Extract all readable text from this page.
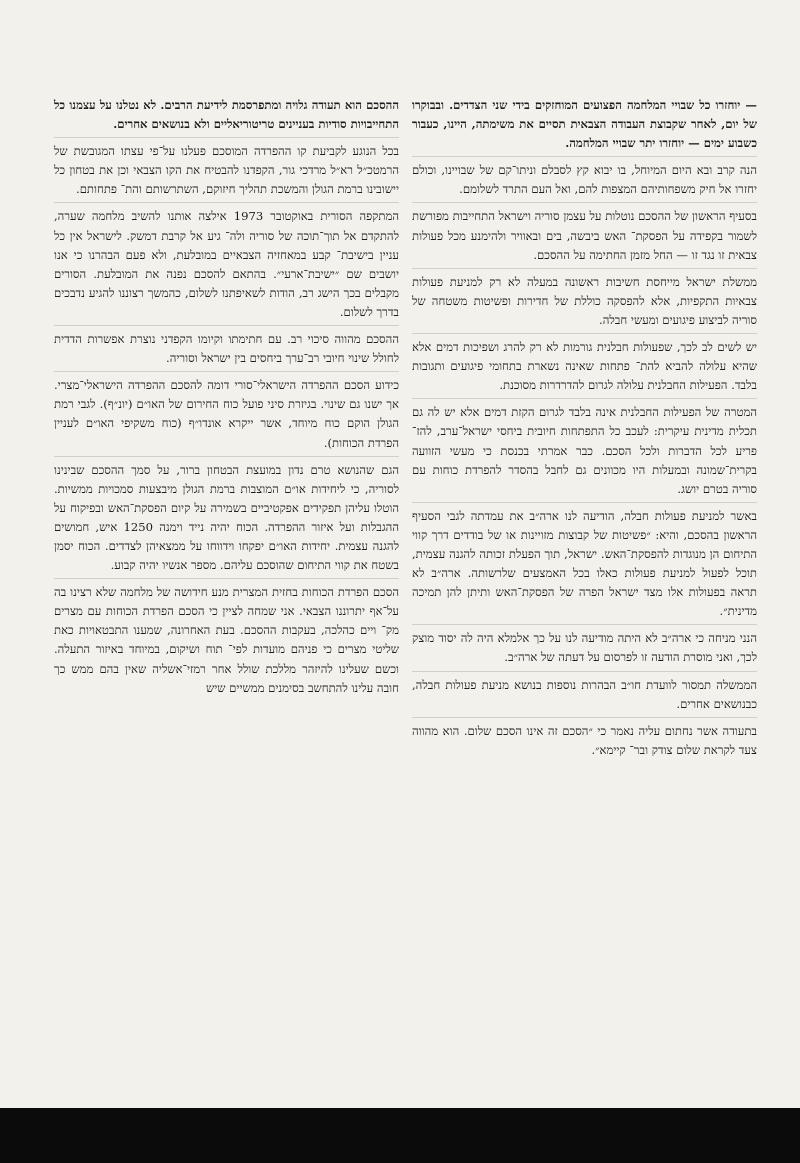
— יוחזרו כל שבויי המלחמה הפצועים המוחזקים בידי שני הצדדים. ובבוקרו של יום, לאחר שקבוצת העבודה הצבאית תסיים את משימתה, היינו, כעבור כשבוע ימים — יוחזרו יתר שבויי המלחמה.

הנה קרב ובא היום המיוחל, בו יבוא קץ לסבלם וניתו־קם של שבויינו, וכולם יחזרו אל חיק משפחותיהם המצפות להם, ואל העם התרד לשלומם.

בסעיף הראשון של ההסכם נוטלות על עצמן סוריה וישראל התחייבות מפורשת לשמור בקפידה על הפסקת־ האש ביבשה, בים ובאוויר ולהימנע מכל פעולות צבאית זו נגד זו — החל מזמן החתימה על ההסכם.

ממשלת ישראל מייחסת חשיבות ראשונה במעלה לא רק למניעת פעולות צבאיות התקפיות, אלא להפסקה כוללת של חדירות ופשיטות משטחה של סוריה לביצוע פיגועים ומעשי חבלה.

יש לשים לב לכך, שפעולות חבלנית גורמות לא רק להרג ושפיכות דמים אלא שהיא עלולה להביא להת־ פתחות שאינה נשארת בתחומי פיגועים ותגובות בלבד. הפעילות החבלנית עלולה לגרום להדרדרות מסוכנת.

המטרה של הפעילות החבלנית אינה בלבד לגרום הקזת דמים אלא יש לה גם תכלית מדינית עיקרית: לעכב כל התפתחות חיובית ביחסי ישראל־ערב, להז־ פריע לכל הדברות ולכל הסכם. כבר אמרתי בכנסת כי מעשי הזוועה בקרית־שמונה ובמעלות היו מכוונים גם לחבל בהסדר להפרדת כוחות עם סוריה בטרם יושג.

באשר למניעת פעולות חבלה, הודיעה לנו ארה״ב את עמדתה לגבי הסעיף הראשון בהסכם, והיא: ״פשיטות של קבוצות מזויינות או של בודדים דרך קווי התיחום הן מנוגדות להפסקת־האש. ישראל, תוך הפעלת זכותה להגנה עצמית, תוכל לפעול למניעת פעולות כאלו בכל האמצעים שלרשותה. ארה״ב לא תראה בפעולות אלו מצד ישראל הפרה של הפסקת־האש ותיתן להן תמיכה מדינית״.

הנני מניחה כי ארה״ב לא היתה מודיעה לנו על כך אלמלא היה לה יסוד מוצק לכך, ואני מוסרת הודעה זו לפרסום על דעתה של ארה״ב.

הממשלה תמסור לוועדת חו״ב הבהרות נוספות בנושא מניעת פעולות חבלה, כבנושאים אחרים.

בתעודה אשר נחתום עליה נאמר כי ״הסכם זה אינו הסכם שלום. הוא מהווה צעד לקראת שלום צודק ובר־ קיימא״.

ההסכם הוא תעודה גלויה ומתפרסמת לידיעת הרבים. לא נטלנו על עצמנו כל התחייבויות סודיות בעניינים טריטוריאליים ולא בנושאים אחרים.

בכל הנוגע לקביעת קו ההפרדה המוסכם פעלנו על־פי עצתו המגובשת של הרמטכ״ל רא״ל מרדכי גור, הקפדנו להבטיח את הקו הצבאי וכן את בטחון כל יישובינו ברמת הגולן והמשכת תהליך חיזוקם, השתרשותם והת־ פתחותם.

המתקפה הסורית באוקטובר 1973 אילצה אותנו להשיב מלחמה שערה, להתקדם אל תוך־תוכה של סוריה ולה־ גיע אל קרבת דמשק. לישראל אין כל עניין בישיבת־ קבע במאחזיה הצבאיים במובלעת, ולא פעם הבהרנו כי אנו יושבים שם ״ישיבת־ארעי״. בהתאם להסכם נפנה את המובלעת. הסורים מקבלים בכך הישג רב, הודות לשאיפתנו לשלום, כהמשך רצוננו להגיע נדבכים בדרך לשלום.

ההסכם מהווה סיכוי רב. עם חתימתו וקיומו הקפדני נוצרת אפשרות הדדית לחולל שינוי חיובי רב־ערך ביחסים בין ישראל וסוריה.

כידוע הסכם ההפרדה הישראלי־סורי דומה להסכם ההפרדה הישראלי־מצרי. אך ישנו גם שינוי. בגיזרת סיני פועל כוח החירום של האו״ם (יונ״ף). לגבי רמת הגולן הוקם כוח מיוחד, אשר ייקרא אונדו״ף (כוח משקיפי האו״ם לעניין הפרדת הכוחות).

הגם שהנושא טרם נדון במועצת הבטחון ברור, על סמך ההסכם שבינינו לסוריה, כי ליחידות או״ם המוצבות ברמת הגולן מיבצעות סמכויות ממשיות. הוטלו עליהן תפקידים אפקטיביים בשמירה על קיום הפסקת־האש ובפיקוח על ההגבלות ועל איזור ההפרדה. הכוח יהיה נייד וימנה 1250 איש, חמושים להגנה עצמית. יחידות האו״ם יפקחו וידווחו על ממצאיהן לצדדים. הכוח יסמן בשטח את קווי התיחום שהוסכם עליהם. מספר אנשיו יהיה קבוע.

הסכם הפרדת הכוחות בחזית המצרית מנע חידושה של מלחמה שלא רצינו בה על־אף יתרוננו הצבאי. אני שמחה לציין כי הסכם הפרדת הכוחות עם מצרים מק־ ויים כהלכה, בעקבות ההסכם. בעת האחרונה, שמענו התבטאויות כאת שליטי מצרים כי פניהם מועדות לפי־ תוח ושיקום, במיוחד באיזור התעלה. וכשם שעלינו להיזהר מללכת שולל אחר רמזי־אשליה שאין בהם ממש כך חובה עלינו להתחשב בסימנים ממשיים שיש
